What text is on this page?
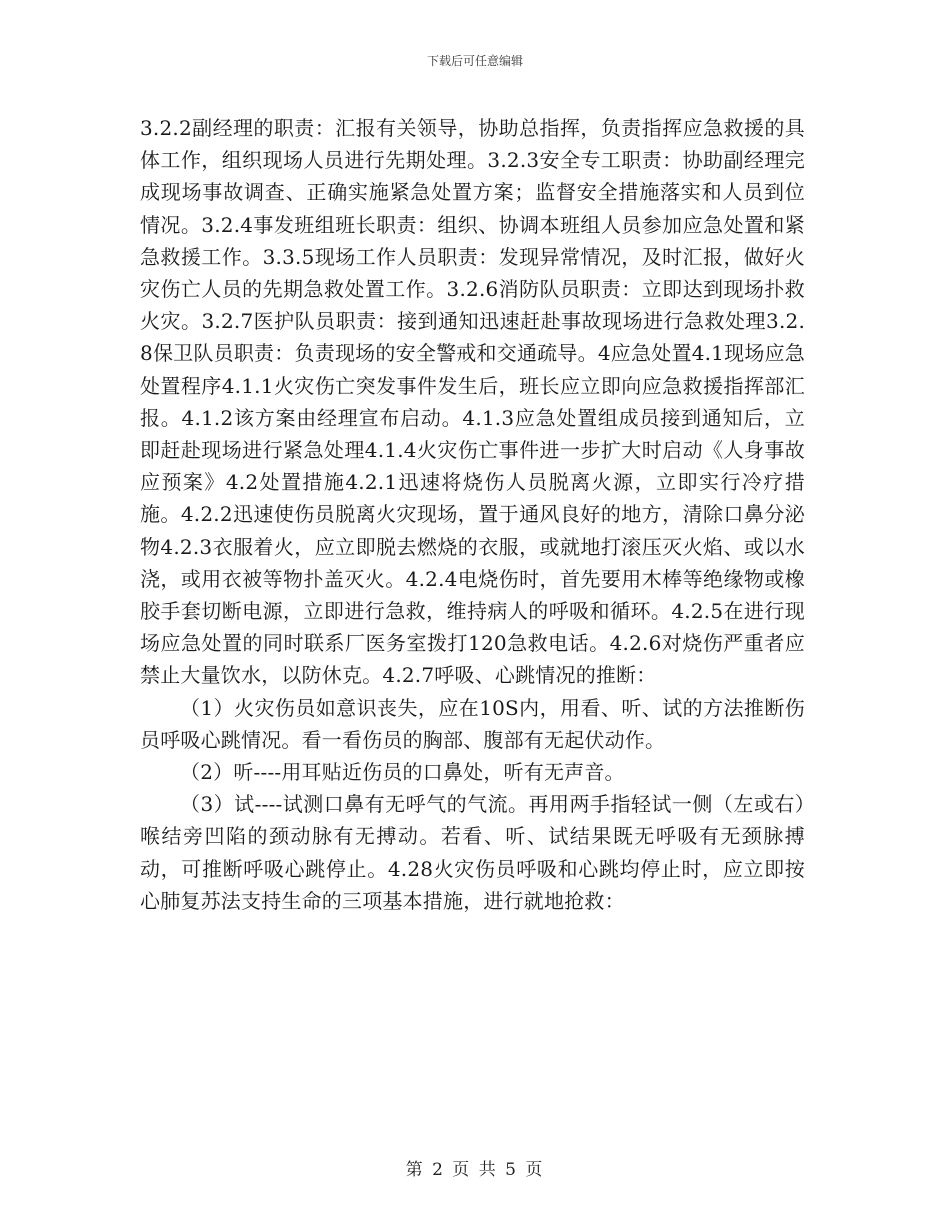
下载后可任意编辑

3.2.2副经理的职责：汇报有关领导，协助总指挥，负责指挥应急救援的具体工作，组织现场人员进行先期处理。3.2.3安全专工职责：协助副经理完成现场事故调查、正确实施紧急处置方案；监督安全措施落实和人员到位情况。3.2.4事发班组班长职责：组织、协调本班组人员参加应急处置和紧急救援工作。3.3.5现场工作人员职责：发现异常情况，及时汇报，做好火灾伤亡人员的先期急救处置工作。3.2.6消防队员职责：立即达到现场扑救火灾。3.2.7医护队员职责：接到通知迅速赶赴事故现场进行急救处理3.2.8保卫队员职责：负责现场的安全警戒和交通疏导。4应急处置4.1现场应急处置程序4.1.1火灾伤亡突发事件发生后，班长应立即向应急救援指挥部汇报。4.1.2该方案由经理宣布启动。4.1.3应急处置组成员接到通知后，立即赶赴现场进行紧急处理4.1.4火灾伤亡事件进一步扩大时启动《人身事故应预案》4.2处置措施4.2.1迅速将烧伤人员脱离火源，立即实行冷疗措施。4.2.2迅速使伤员脱离火灾现场，置于通风良好的地方，清除口鼻分泌物4.2.3衣服着火，应立即脱去燃烧的衣服，或就地打滚压灭火焰、或以水浇，或用衣被等物扑盖灭火。4.2.4电烧伤时，首先要用木棒等绝缘物或橡胶手套切断电源，立即进行急救，维持病人的呼吸和循环。4.2.5在进行现场应急处置的同时联系厂医务室拨打120急救电话。4.2.6对烧伤严重者应禁止大量饮水，以防休克。4.2.7呼吸、心跳情况的推断：

（1）火灾伤员如意识丧失，应在10S内，用看、听、试的方法推断伤员呼吸心跳情况。看一看伤员的胸部、腹部有无起伏动作。

（2）听----用耳贴近伤员的口鼻处，听有无声音。

（3）试----试测口鼻有无呼气的气流。再用两手指轻试一侧（左或右）喉结旁凹陷的颈动脉有无搏动。若看、听、试结果既无呼吸有无颈脉搏动，可推断呼吸心跳停止。4.28火灾伤员呼吸和心跳均停止时，应立即按心肺复苏法支持生命的三项基本措施，进行就地抢救：

第 2 页 共 5 页
